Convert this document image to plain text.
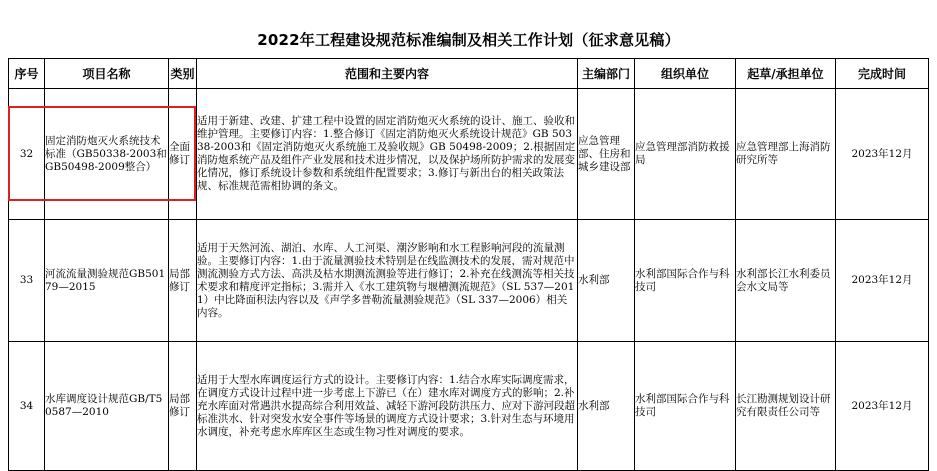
2022年工程建设规范标准编制及相关工作计划（征求意见稿）
序号	项目名称	类别	范围和主要内容	主编部门	组织单位	起草/承担单位	完成时间
32	固定消防炮灭火系统技术标准（GB50338-2003和GB50498-2009整合）	全面修订	适用于新建、改建、扩建工程中设置的固定消防炮灭火系统的设计、施工、验收和维护管理。主要修订内容：1.整合修订《固定消防炮灭火系统设计规范》GB 50338-2003和《固定消防炮灭火系统施工及验收规》GB 50498-2009；2.根据固定消防炮系统产品及组件产业发展和技术进步情况，以及保护场所防护需求的发展变化情况，修订系统设计参数和系统组件配置要求；3.修订与新出台的相关政策法规、标准规范需相协调的条文。	应急管理部、住房和城乡建设部	应急管理部消防救援局	应急管理部上海消防研究所等	2023年12月
33	河流流量测验规范GB50179—2015	局部修订	适用于天然河流、湖泊、水库、人工河渠、潮汐影响和水工程影响河段的流量测验。主要修订内容：1.由于流量测验技术特别是在线监测技术的发展，需对规范中测流测验方式方法、高洪及枯水期测流测验等进行修订；2.补充在线测流等相关技术要求和精度评定指标；3.需并入《水工建筑物与堰槽测流规范》（SL 537—2011）中比降面积法内容以及《声学多普勒流量测验规范》（SL 337—2006）相关内容。	水利部	水利部国际合作与科技司	水利部长江水利委员会水文局等	2023年12月
34	水库调度设计规范GB/T50587—2010	局部修订	适用于大型水库调度运行方式的设计。主要修订内容：1.结合水库实际调度需求，在调度方式设计过程中进一步考虑上下游已（在）建水库对调度方式的影响；2.补充水库面对常遇洪水提高综合利用效益、减轻下游河段防洪压力、应对下游河段超标准洪水、针对突发水安全事件等场景的调度方式设计要求；3.针对生态与环境用水调度，补充考虑水库库区生态或生物习性对调度的要求。	水利部	水利部国际合作与科技司	长江勘测规划设计研究有限责任公司等	2023年12月
